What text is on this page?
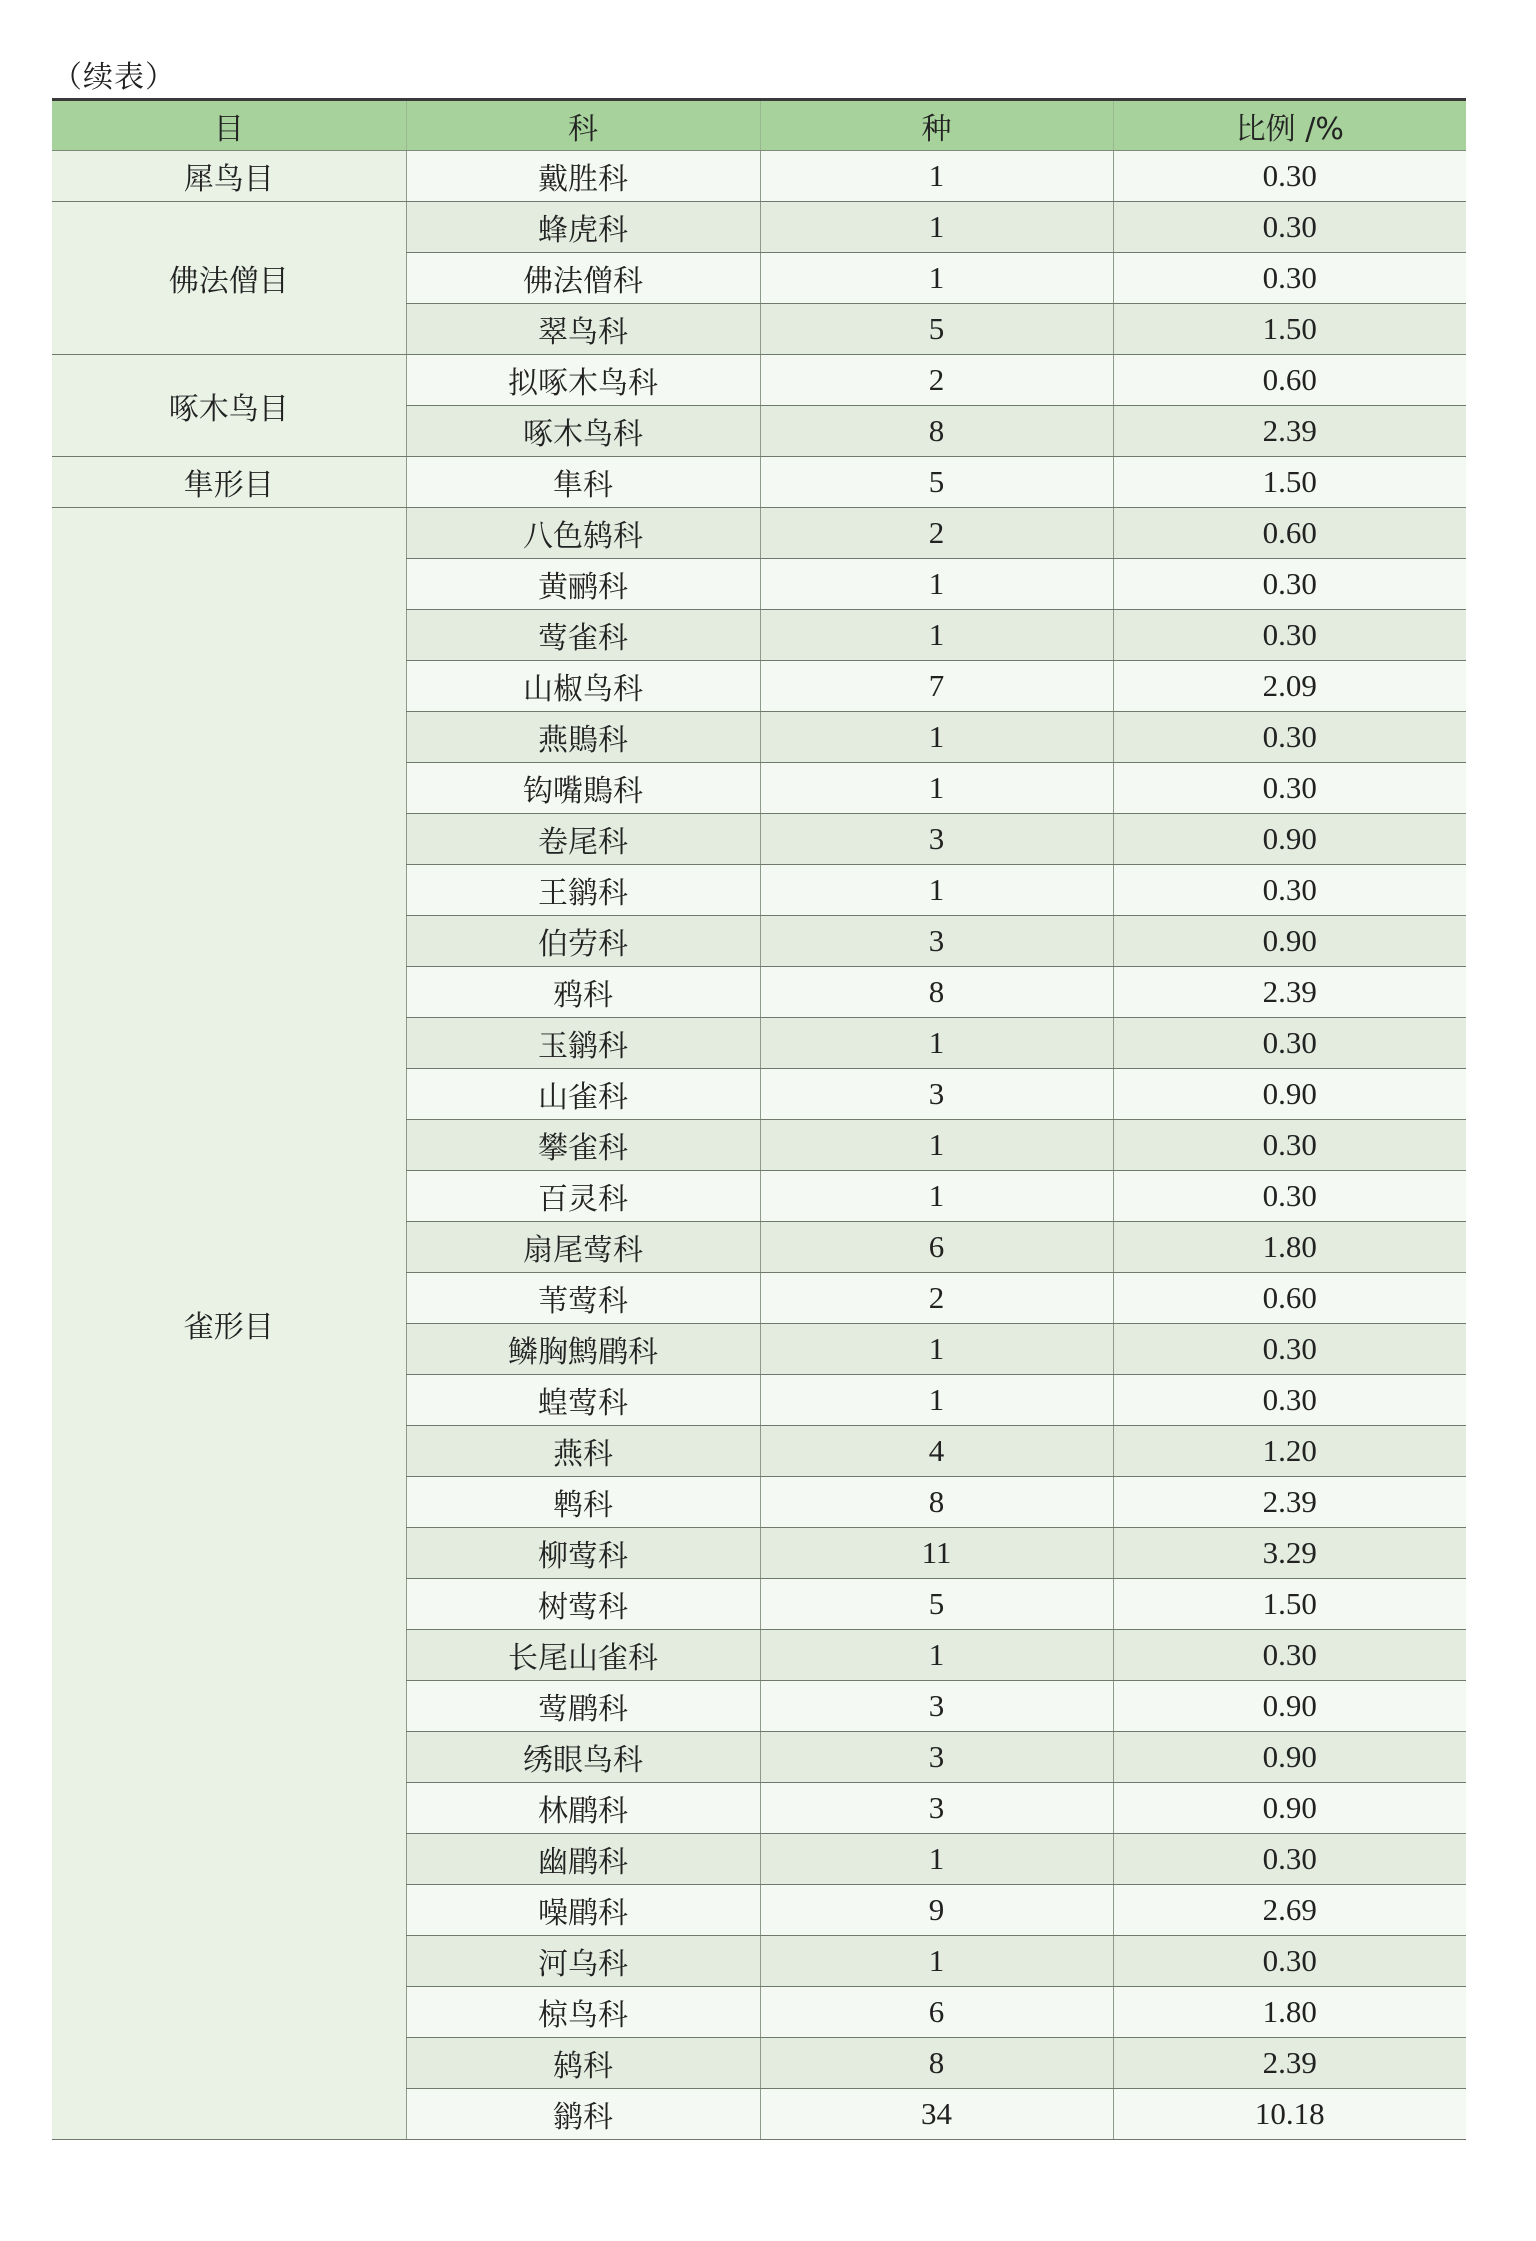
（续表）
目	科	种	比例 /%
犀鸟目	戴胜科	1	0.30
佛法僧目	蜂虎科	1	0.30
	佛法僧科	1	0.30
	翠鸟科	5	1.50
啄木鸟目	拟啄木鸟科	2	0.60
	啄木鸟科	8	2.39
隼形目	隼科	5	1.50
雀形目	八色鸫科	2	0.60
	黄鹂科	1	0.30
	莺雀科	1	0.30
	山椒鸟科	7	2.09
	燕鵙科	1	0.30
	钩嘴鵙科	1	0.30
	卷尾科	3	0.90
	王鹟科	1	0.30
	伯劳科	3	0.90
	鸦科	8	2.39
	玉鹟科	1	0.30
	山雀科	3	0.90
	攀雀科	1	0.30
	百灵科	1	0.30
	扇尾莺科	6	1.80
	苇莺科	2	0.60
	鳞胸鹪鹛科	1	0.30
	蝗莺科	1	0.30
	燕科	4	1.20
	鹎科	8	2.39
	柳莺科	11	3.29
	树莺科	5	1.50
	长尾山雀科	1	0.30
	莺鹛科	3	0.90
	绣眼鸟科	3	0.90
	林鹛科	3	0.90
	幽鹛科	1	0.30
	噪鹛科	9	2.69
	河乌科	1	0.30
	椋鸟科	6	1.80
	鸫科	8	2.39
	鹟科	34	10.18
